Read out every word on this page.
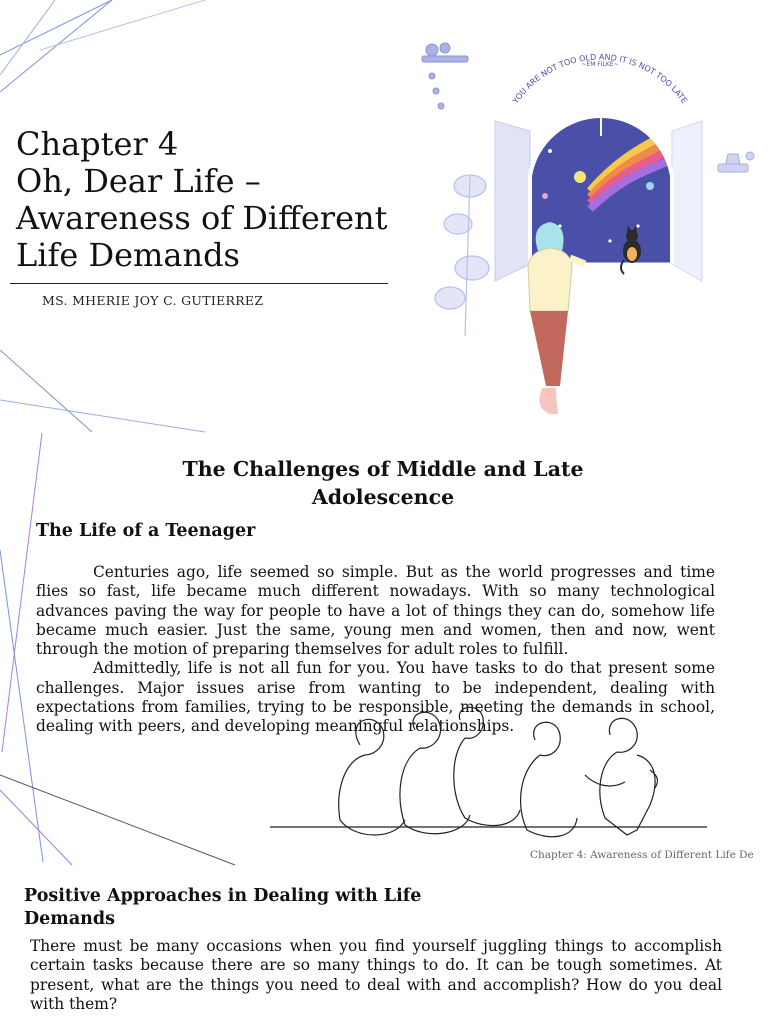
Chapter 4
Oh, Dear Life –
Awareness of Different
Life Demands
MS. MHERIE JOY C. GUTIERREZ
YOU ARE NOT TOO OLD AND IT IS NOT TOO LATE
~EM FILKE~
The Challenges of Middle and Late Adolescence
The Life of a Teenager

Centuries ago, life seemed so simple. But as the world progresses and time flies so fast, life became much different nowadays. With so many technological advances paving the way for people to have a lot of things they can do, somehow life became much easier. Just the same, young men and women, then and now, went through the motion of preparing themselves for adult roles to fulfill.

Admittedly, life is not all fun for you. You have tasks to do that present some challenges. Major issues arise from wanting to be independent, dealing with expectations from families, trying to be responsible, meeting the demands in school, dealing with peers, and developing meaningful relationships.

Chapter 4: Awareness of Different Life De
Positive Approaches in Dealing with Life Demands

There must be many occasions when you find yourself juggling things to accomplish certain tasks because there are so many things to do. It can be tough sometimes. At present, what are the things you need to deal with and accomplish? How do you deal with them?
